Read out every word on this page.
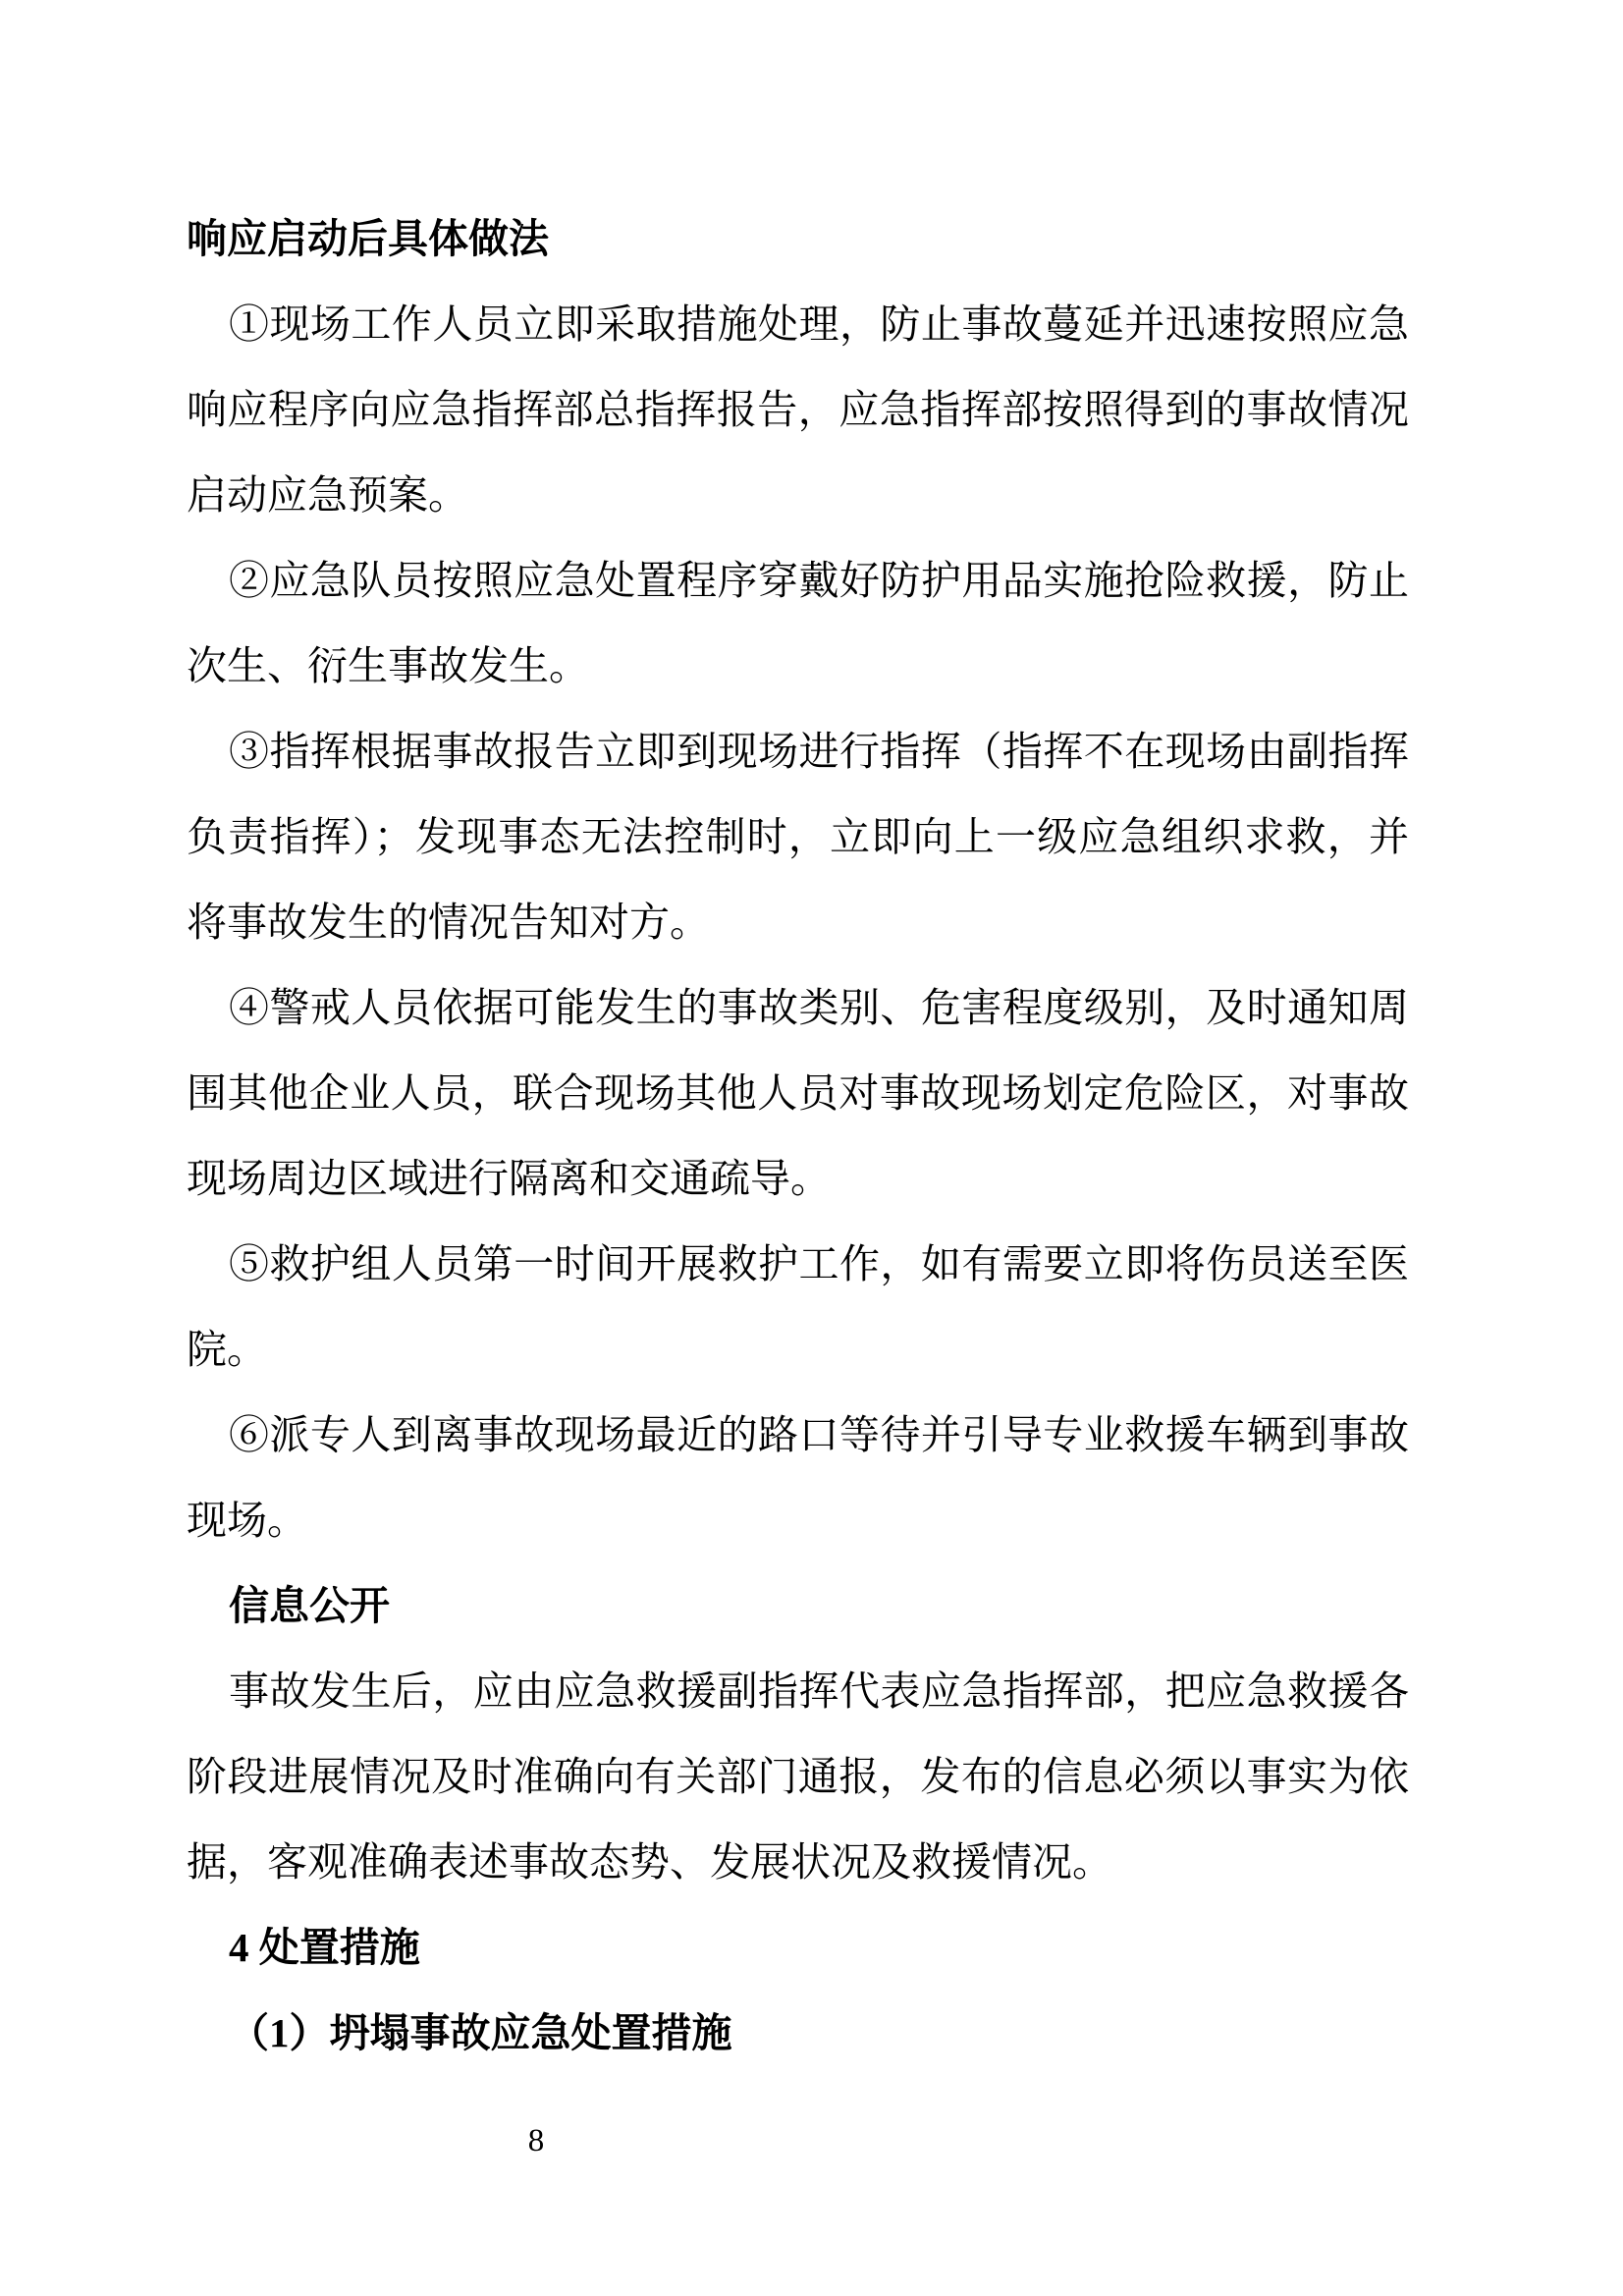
响应启动后具体做法

①现场工作人员立即采取措施处理，防止事故蔓延并迅速按照应急响应程序向应急指挥部总指挥报告，应急指挥部按照得到的事故情况启动应急预案。

②应急队员按照应急处置程序穿戴好防护用品实施抢险救援，防止次生、衍生事故发生。

③指挥根据事故报告立即到现场进行指挥（指挥不在现场由副指挥负责指挥）；发现事态无法控制时，立即向上一级应急组织求救，并将事故发生的情况告知对方。

④警戒人员依据可能发生的事故类别、危害程度级别，及时通知周围其他企业人员，联合现场其他人员对事故现场划定危险区，对事故现场周边区域进行隔离和交通疏导。

⑤救护组人员第一时间开展救护工作，如有需要立即将伤员送至医院。

⑥派专人到离事故现场最近的路口等待并引导专业救援车辆到事故现场。

信息公开

事故发生后，应由应急救援副指挥代表应急指挥部，把应急救援各阶段进展情况及时准确向有关部门通报，发布的信息必须以事实为依据，客观准确表述事故态势、发展状况及救援情况。

4 处置措施
（1）坍塌事故应急处置措施
8
